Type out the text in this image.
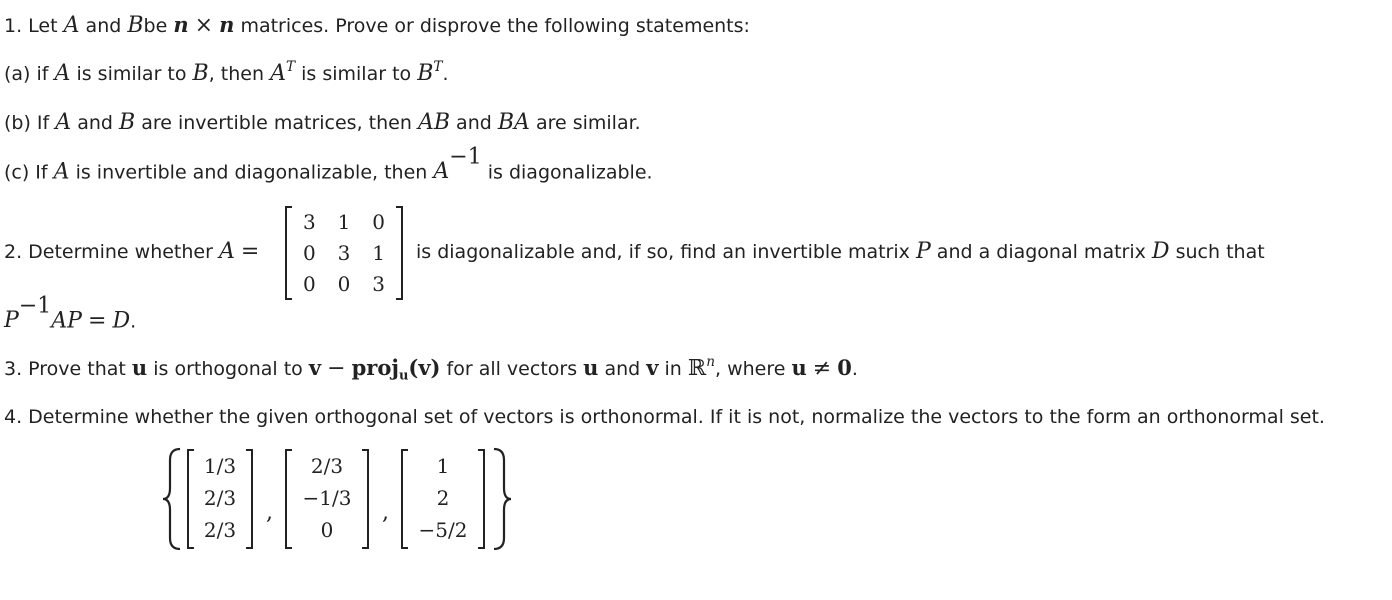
1. Let A and Bbe n × n matrices. Prove or disprove the following statements:
(a) if A is similar to B, then $A^T$ is similar to $B^T$.
(b) If A and B are invertible matrices, then AB and BA are similar.
(c) If A is invertible and diagonalizable, then $A^{-1}$ is diagonalizable.
2. Determine whether A =
3	1	0
0	3	1
0	0	3
is diagonalizable and, if so, find an invertible matrix P and a diagonal matrix D such that
$P^{-1}AP = D$.
3. Prove that u is orthogonal to v − proj$_u$(v) for all vectors u and v in ℝ$^n$, where u ≠ 0.
4. Determine whether the given orthogonal set of vectors is orthonormal. If it is not, normalize the vectors to the form an orthonormal set.
1/3
2/3
2/3
,
2/3
−1/3
0
,
1
2
−5/2
